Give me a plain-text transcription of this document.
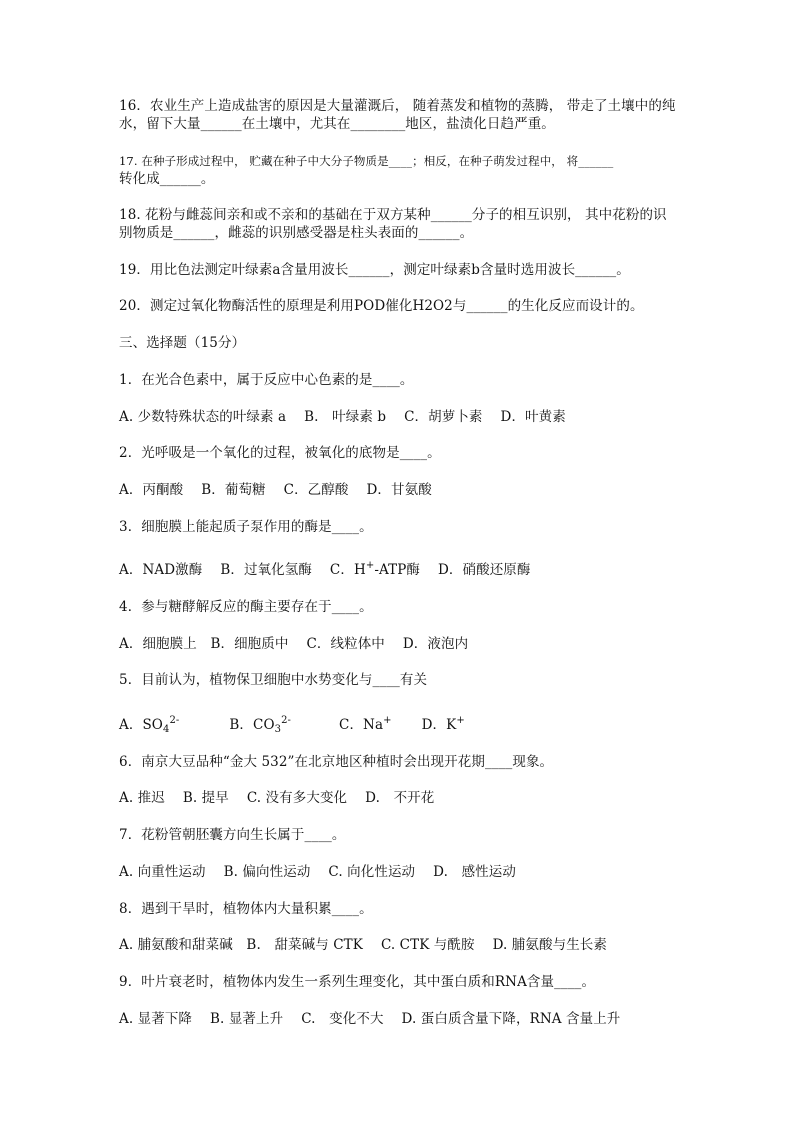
16．农业生产上造成盐害的原因是大量灌溉后， 随着蒸发和植物的蒸腾， 带走了土壤中的纯

水，留下大量______在土壤中，尤其在________地区，盐渍化日趋严重。

17. 在种子形成过程中， 贮藏在种子中大分子物质是____；相反，在种子萌发过程中， 将______

转化成______。

18. 花粉与雌蕊间亲和或不亲和的基础在于双方某种______分子的相互识别， 其中花粉的识

别物质是______，雌蕊的识别感受器是柱头表面的______。

19．用比色法测定叶绿素a含量用波长______，测定叶绿素b含量时选用波长______。

20．测定过氧化物酶活性的原理是利用POD催化H2O2与______的生化反应而设计的。

三、选择题（15分）

1．在光合色素中，属于反应中心色素的是____。

A. 少数特殊状态的叶绿素 a　 B.　叶绿素 b　 C．胡萝卜素　 D．叶黄素

2．光呼吸是一个氧化的过程，被氧化的底物是____。

A．丙酮酸　 B．葡萄糖　 C．乙醇酸　 D．甘氨酸

3．细胞膜上能起质子泵作用的酶是____。

A．NAD激酶　 B．过氧化氢酶　 C．H+-ATP酶　 D．硝酸还原酶

4．参与糖酵解反应的酶主要存在于____。

A．细胞膜上　B．细胞质中　 C．线粒体中　 D．液泡内

5．目前认为，植物保卫细胞中水势变化与____有关

A．$SO_4^{2-}$	B．$CO_3^{2-}$	C．Na+ D．K+

6．南京大豆品种“金大 532”在北京地区种植时会出现开花期____现象。

A. 推迟　 B. 提早　 C. 没有多大变化　 D.　不开花

7．花粉管朝胚囊方向生长属于____。

A. 向重性运动　 B. 偏向性运动　 C. 向化性运动　 D.　感性运动

8．遇到干旱时，植物体内大量积累____。

A. 脯氨酸和甜菜碱　B.　甜菜碱与 CTK　 C. CTK 与酰胺　 D. 脯氨酸与生长素

9．叶片衰老时，植物体内发生一系列生理变化，其中蛋白质和RNA含量____。

A. 显著下降　 B. 显著上升　 C.　变化不大　 D. 蛋白质含量下降，RNA 含量上升
